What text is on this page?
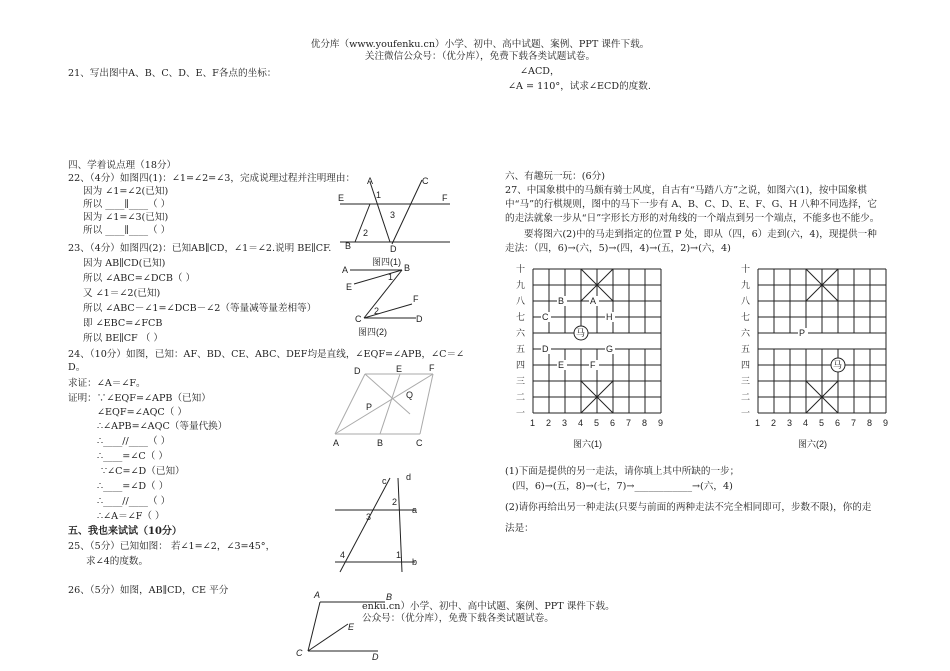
优分库（www.youfenku.cn）小学、初中、高中试题、案例、PPT 课件下载。
关注微信公众号：（优分库），免费下载各类试题试卷。
21、写出图中A、B、C、D、E、F各点的坐标：
四、学着说点理（18分）
22、（4分）如图四(1)：∠1=∠2=∠3，完成说理过程并注明理由：
因为 ∠1=∠2(已知)
所以 ____∥____（ ）
因为 ∠1=∠3(已知)
所以 ____∥____（ ）
23、（4分）如图四(2)：已知AB∥CD，∠1＝∠2.说明 BE∥CF.
因为 AB∥CD(已知)
所以 ∠ABC=∠DCB（ ）
又 ∠1＝∠2(已知)
所以 ∠ABC－∠1=∠DCB－∠2（等量减等量差相等）
即 ∠EBC=∠FCB
所以 BE∥CF （ ）
24、（10分）如图，已知：AF、BD、CE、ABC、DEF均是直线，∠EQF=∠APB，∠C＝∠
D。
求证：∠A＝∠F。
证明：∵∠EQF=∠APB（已知）
∠EQF=∠AQC（ ）
∴∠APB=∠AQC（等量代换）
∴____//____（ ）
∴____=∠C（ ）
∵∠C=∠D（已知）
∴____=∠D（ ）
∴____//____（ ）
∴∠A＝∠F（ ）
五、我也来试试（10分）
25、（5分）已知如图： 若∠1=∠2，∠3=45°，
求∠4的度数。
26、（5分）如图，AB∥CD，CE 平分
∠ACD，
∠A = 110°，试求∠ECD的度数.
六、有趣玩一玩：(6分)
27、中国象棋中的马颇有骑士风度，自古有“马踏八方”之说，如图六(1)，按中国象棋
中“马”的行棋规则，图中的马下一步有 A、B、C、D、E、F、G、H 八种不同选择，它
的走法就象一步从“日”字形长方形的对角线的一个端点到另一个端点，不能多也不能少。
要将图六(2)中的马走到指定的位置 P 处，即从（四，6）走到(六，4)，现提供一种
走法：（四，6)→(六，5)→(四，4)→(五，2)→(六，4)
(1)下面是提供的另一走法，请你填上其中所缺的一步；
(四，6)→(五，8)→(七，7)→____________→(六，4)
(2)请你再给出另一种走法(只要与前面的两种走法不完全相同即可，步数不限)，你的走
法是：
enku.cn）小学、初中、高中试题、案例、PPT 课件下载。
公众号：（优分库），免费下载各类试题试卷。
A
B
C
D
E	F
1
2
3
图四(1)
A	B
C	D
E
F
1
2
图四(2)
D	E	F
A	B	C
P
Q
c d
a
b
1
2
3
4
A	B
C	D
E
十
九
八
七
六
五
四
三
二
一
1 2 3 4 5 6 7 8 9
B	A
C	H
D	G
E	F
马
图六(1)
十
九
八
七
六
五
四
三
二
一
1 2 3 4 5 6 7 8 9
P
马
图六(2)
